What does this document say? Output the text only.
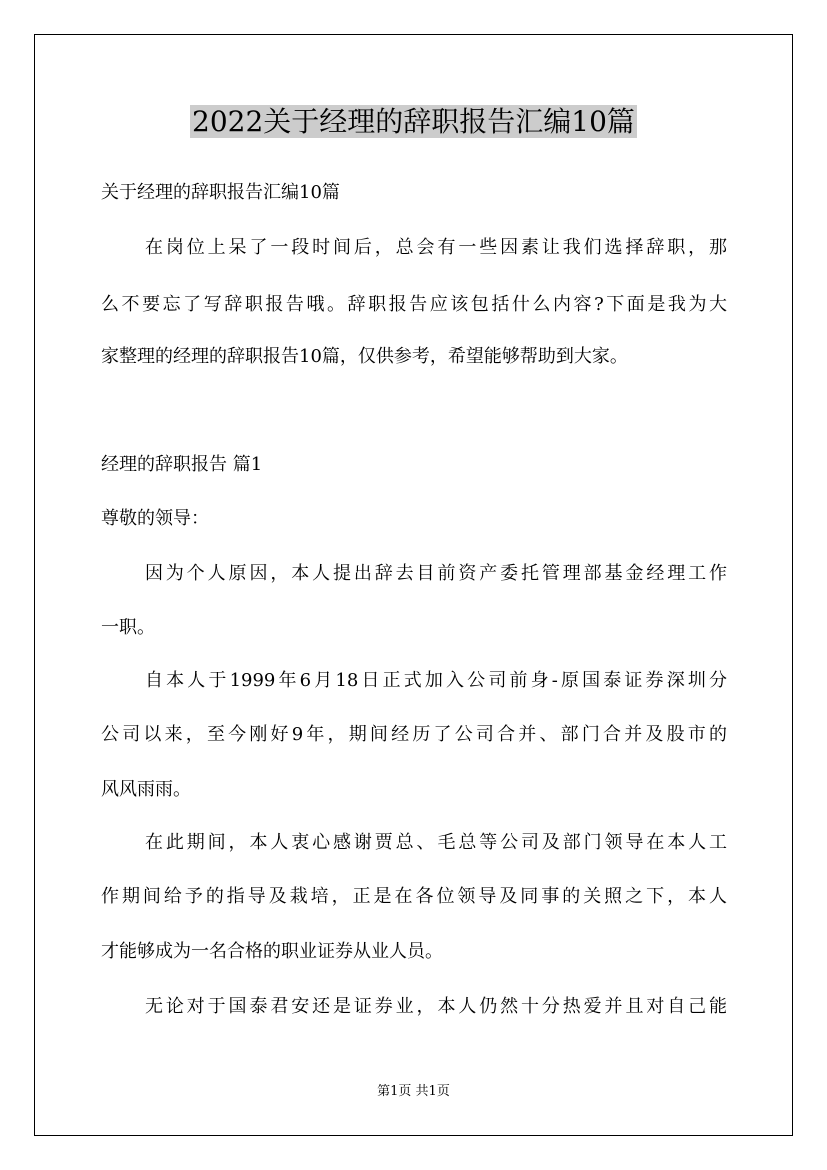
2022关于经理的辞职报告汇编10篇
关于经理的辞职报告汇编10篇
在岗位上呆了一段时间后，总会有一些因素让我们选择辞职，那
么不要忘了写辞职报告哦。辞职报告应该包括什么内容?下面是我为大
家整理的经理的辞职报告10篇，仅供参考，希望能够帮助到大家。
经理的辞职报告 篇1
尊敬的领导：
因为个人原因，本人提出辞去目前资产委托管理部基金经理工作
一职。
自本人于1999年6月18日正式加入公司前身-原国泰证券深圳分
公司以来，至今刚好9年，期间经历了公司合并、部门合并及股市的
风风雨雨。
在此期间，本人衷心感谢贾总、毛总等公司及部门领导在本人工
作期间给予的指导及栽培，正是在各位领导及同事的关照之下，本人
才能够成为一名合格的职业证券从业人员。
无论对于国泰君安还是证券业，本人仍然十分热爱并且对自己能
第1页 共1页
